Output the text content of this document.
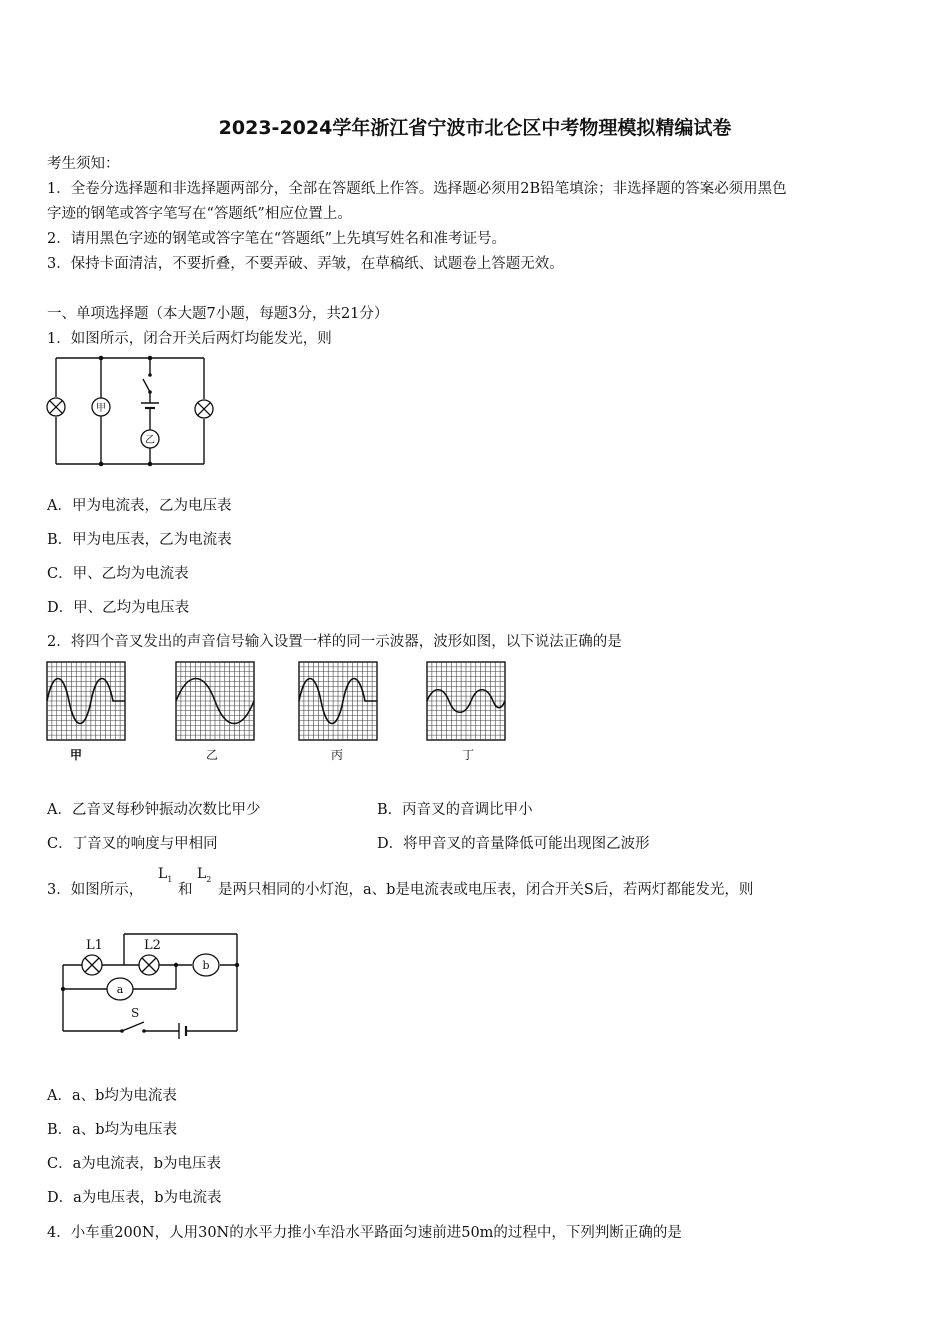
2023-2024学年浙江省宁波市北仑区中考物理模拟精编试卷
考生须知：
1．全卷分选择题和非选择题两部分，全部在答题纸上作答。选择题必须用2B铅笔填涂；非选择题的答案必须用黑色
字迹的钢笔或答字笔写在“答题纸”相应位置上。
2．请用黑色字迹的钢笔或答字笔在“答题纸”上先填写姓名和准考证号。
3．保持卡面清洁，不要折叠，不要弄破、弄皱，在草稿纸、试题卷上答题无效。
一、单项选择题（本大题7小题，每题3分，共21分）
1．如图所示，闭合开关后两灯均能发光，则
甲
乙
A．甲为电流表，乙为电压表
B．甲为电压表，乙为电流表
C．甲、乙均为电流表
D．甲、乙均为电压表
2．将四个音叉发出的声音信号输入设置一样的同一示波器，波形如图，以下说法正确的是
甲	乙	丙	丁
A．乙音叉每秒钟振动次数比甲少	B．丙音叉的音调比甲小
C．丁音叉的响度与甲相同	D．将甲音叉的音量降低可能出现图乙波形
3．如图所示，
$L_1$
和
$L_2$
是两只相同的小灯泡，a、b是电流表或电压表，闭合开关S后，若两灯都能发光，则
L1	L2
b
a
S
A．a、b均为电流表
B．a、b均为电压表
C．a为电流表，b为电压表
D．a为电压表，b为电流表
4．小车重200N，人用30N的水平力推小车沿水平路面匀速前进50m的过程中，下列判断正确的是
